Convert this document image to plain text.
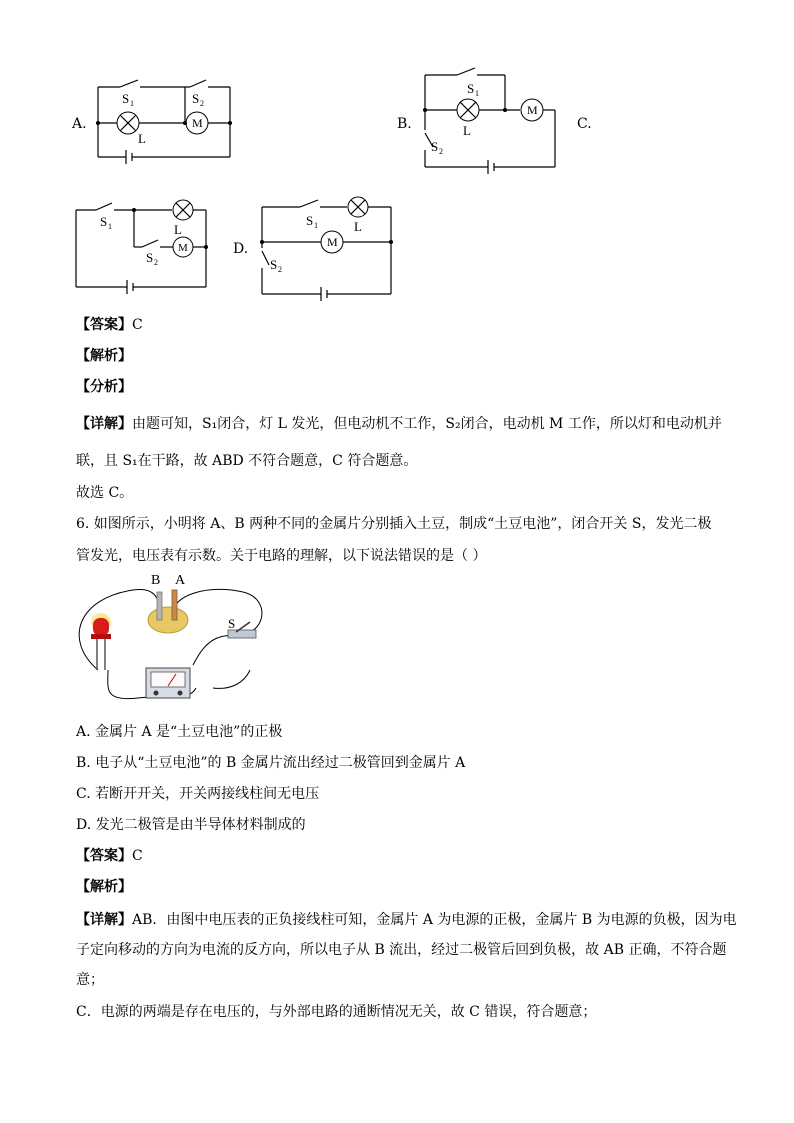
A.	M
S 1	S 2
L
B.
M
S 1
L
S 2
C.
M
S 1	L
S 2
D.	M
S 1	L
S 2
【答案】C
【解析】
【分析】
【详解】由题可知，S₁闭合，灯 L 发光，但电动机不工作，S₂闭合，电动机 M 工作，所以灯和电动机并
联，且 S₁在干路，故 ABD 不符合题意，C 符合题意。
故选 C。
6. 如图所示，小明将 A、B 两种不同的金属片分别插入土豆，制成“土豆电池”，闭合开关 S，发光二极
管发光，电压表有示数。关于电路的理解，以下说法错误的是（ ）
B A
S
A. 金属片 A 是“土豆电池”的正极
B. 电子从“土豆电池”的 B 金属片流出经过二极管回到金属片 A
C. 若断开开关，开关两接线柱间无电压
D. 发光二极管是由半导体材料制成的
【答案】C
【解析】
【详解】AB．由图中电压表的正负接线柱可知，金属片 A 为电源的正极，金属片 B 为电源的负极，因为电
子定向移动的方向为电流的反方向，所以电子从 B 流出，经过二极管后回到负极，故 AB 正确，不符合题
意；
C．电源的两端是存在电压的，与外部电路的通断情况无关，故 C 错误，符合题意；
